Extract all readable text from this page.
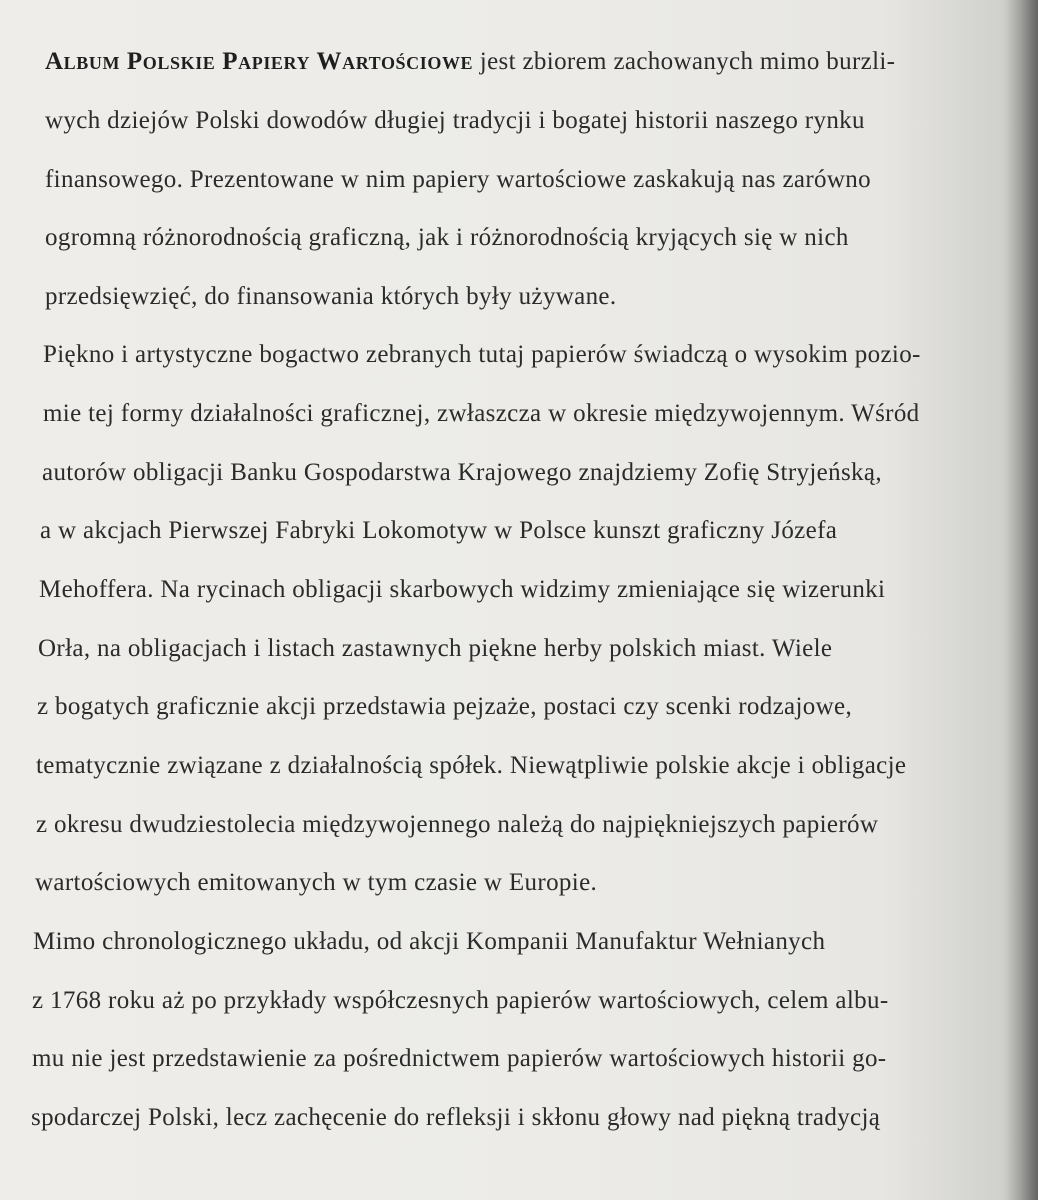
Album Polskie Papiery Wartościowe jest zbiorem zachowanych mimo burzli-
wych dziejów Polski dowodów długiej tradycji i bogatej historii naszego rynku
finansowego. Prezentowane w nim papiery wartościowe zaskakują nas zarówno
ogromną różnorodnością graficzną, jak i różnorodnością kryjących się w nich
przedsięwzięć, do finansowania których były używane.
Piękno i artystyczne bogactwo zebranych tutaj papierów świadczą o wysokim pozio-
mie tej formy działalności graficznej, zwłaszcza w okresie międzywojennym. Wśród
autorów obligacji Banku Gospodarstwa Krajowego znajdziemy Zofię Stryjeńską,
a w akcjach Pierwszej Fabryki Lokomotyw w Polsce kunszt graficzny Józefa
Mehoffera. Na rycinach obligacji skarbowych widzimy zmieniające się wizerunki
Orła, na obligacjach i listach zastawnych piękne herby polskich miast. Wiele
z bogatych graficznie akcji przedstawia pejzaże, postaci czy scenki rodzajowe,
tematycznie związane z działalnością spółek. Niewątpliwie polskie akcje i obligacje
z okresu dwudziestolecia międzywojennego należą do najpiękniejszych papierów
wartościowych emitowanych w tym czasie w Europie.
Mimo chronologicznego układu, od akcji Kompanii Manufaktur Wełnianych
z 1768 roku aż po przykłady współczesnych papierów wartościowych, celem albu-
mu nie jest przedstawienie za pośrednictwem papierów wartościowych historii go-
spodarczej Polski, lecz zachęcenie do refleksji i skłonu głowy nad piękną tradycją
